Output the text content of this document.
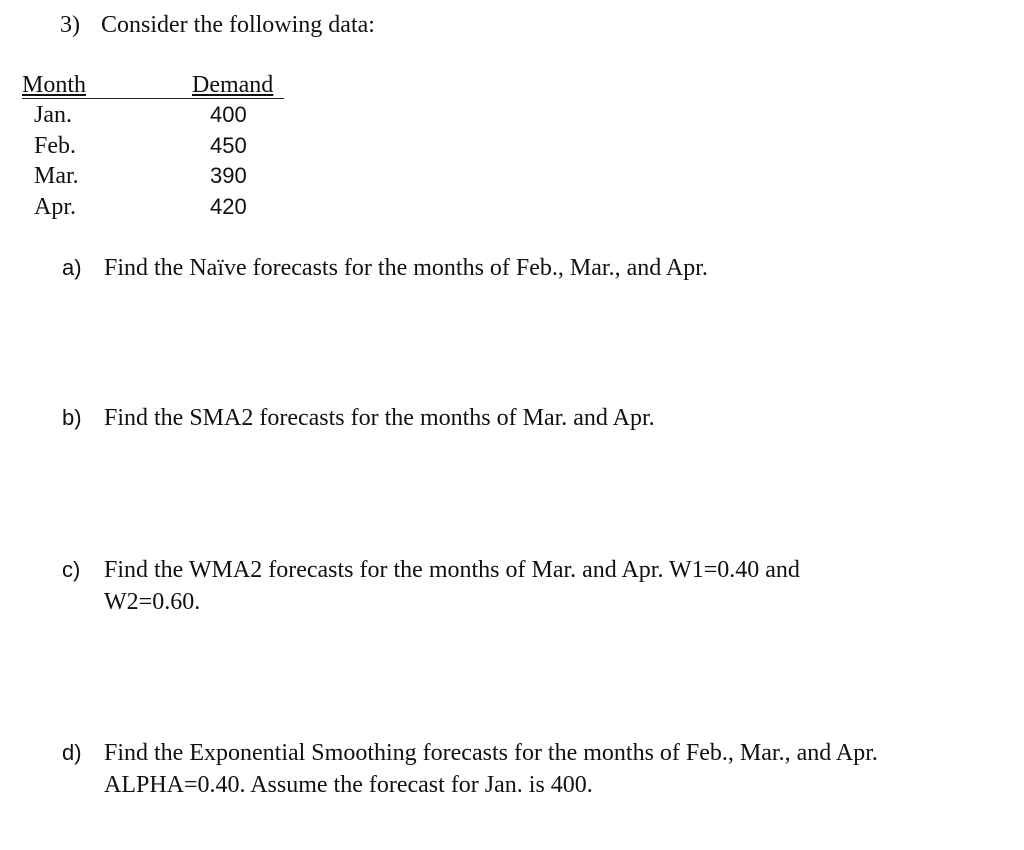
3) Consider the following data:
Month	Demand
Jan.	400
Feb.	450
Mar.	390
Apr.	420
a) Find the Naïve forecasts for the months of Feb., Mar., and Apr.
b) Find the SMA2 forecasts for the months of Mar. and Apr.
c) Find the WMA2 forecasts for the months of Mar. and Apr. W1=0.40 and
W2=0.60.
d) Find the Exponential Smoothing forecasts for the months of Feb., Mar., and Apr.
ALPHA=0.40. Assume the forecast for Jan. is 400.
